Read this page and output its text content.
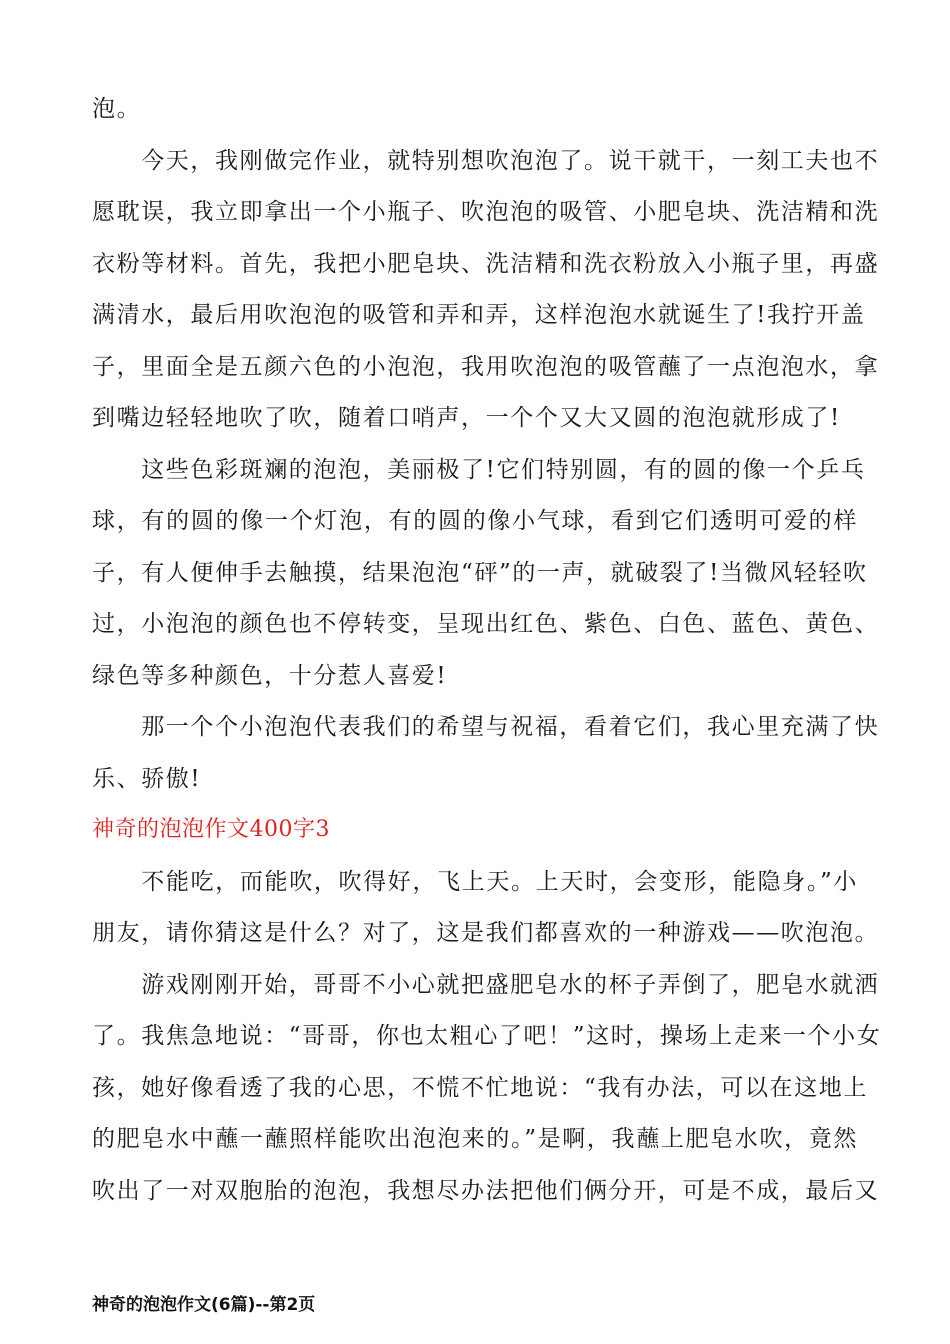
泡。
　　今天，我刚做完作业，就特别想吹泡泡了。说干就干，一刻工夫也不
愿耽误，我立即拿出一个小瓶子、吹泡泡的吸管、小肥皂块、洗洁精和洗
衣粉等材料。首先，我把小肥皂块、洗洁精和洗衣粉放入小瓶子里，再盛
满清水，最后用吹泡泡的吸管和弄和弄，这样泡泡水就诞生了!我拧开盖
子，里面全是五颜六色的小泡泡，我用吹泡泡的吸管蘸了一点泡泡水，拿
到嘴边轻轻地吹了吹，随着口哨声，一个个又大又圆的泡泡就形成了!
　　这些色彩斑斓的泡泡，美丽极了!它们特别圆，有的圆的像一个乒乓
球，有的圆的像一个灯泡，有的圆的像小气球，看到它们透明可爱的样
子，有人便伸手去触摸，结果泡泡“砰”的一声，就破裂了!当微风轻轻吹
过，小泡泡的颜色也不停转变，呈现出红色、紫色、白色、蓝色、黄色、
绿色等多种颜色，十分惹人喜爱!
　　那一个个小泡泡代表我们的希望与祝福，看着它们，我心里充满了快
乐、骄傲!
神奇的泡泡作文400字3
　　不能吃，而能吹，吹得好，飞上天。上天时，会变形，能隐身。”小
朋友，请你猜这是什么？对了，这是我们都喜欢的一种游戏——吹泡泡。
　　游戏刚刚开始，哥哥不小心就把盛肥皂水的杯子弄倒了，肥皂水就洒
了。我焦急地说：“哥哥，你也太粗心了吧！”这时，操场上走来一个小女
孩，她好像看透了我的心思，不慌不忙地说：“我有办法，可以在这地上
的肥皂水中蘸一蘸照样能吹出泡泡来的。”是啊，我蘸上肥皂水吹，竟然
吹出了一对双胞胎的泡泡，我想尽办法把他们俩分开，可是不成，最后又
神奇的泡泡作文(6篇)--第2页
